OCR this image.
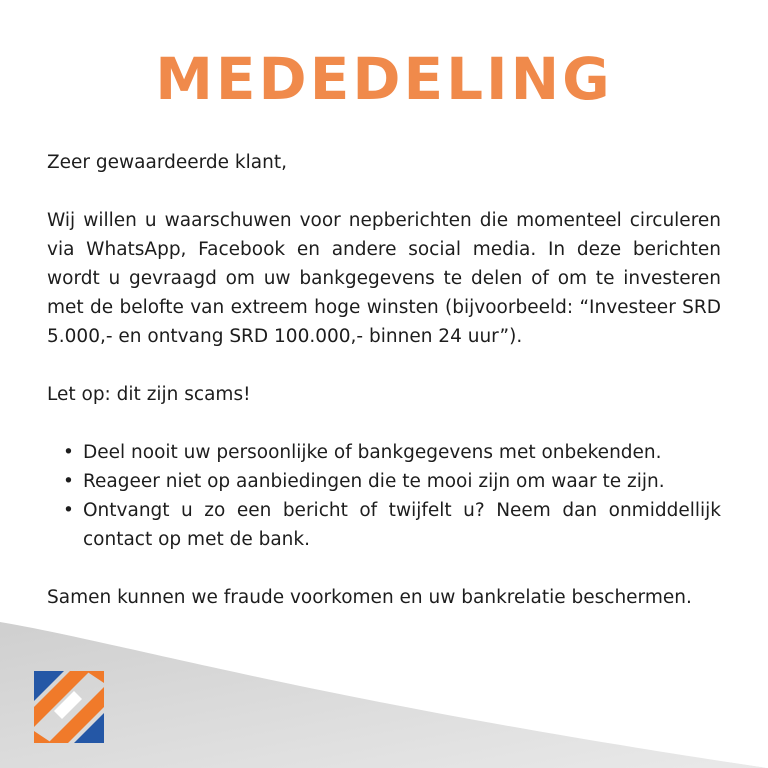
MEDEDELING

Zeer gewaardeerde klant,

Wij willen u waarschuwen voor nepberichten die momenteel circuleren via WhatsApp, Facebook en andere social media. In deze berichten wordt u gevraagd om uw bankgegevens te delen of om te investeren met de belofte van extreem hoge winsten (bijvoorbeeld: “Investeer SRD 5.000,- en ontvang SRD 100.000,- binnen 24 uur”).

Let op: dit zijn scams!

• Deel nooit uw persoonlijke of bankgegevens met onbekenden.
• Reageer niet op aanbiedingen die te mooi zijn om waar te zijn.
• Ontvangt u zo een bericht of twijfelt u? Neem dan onmiddellijk contact op met de bank.

Samen kunnen we fraude voorkomen en uw bankrelatie beschermen.
